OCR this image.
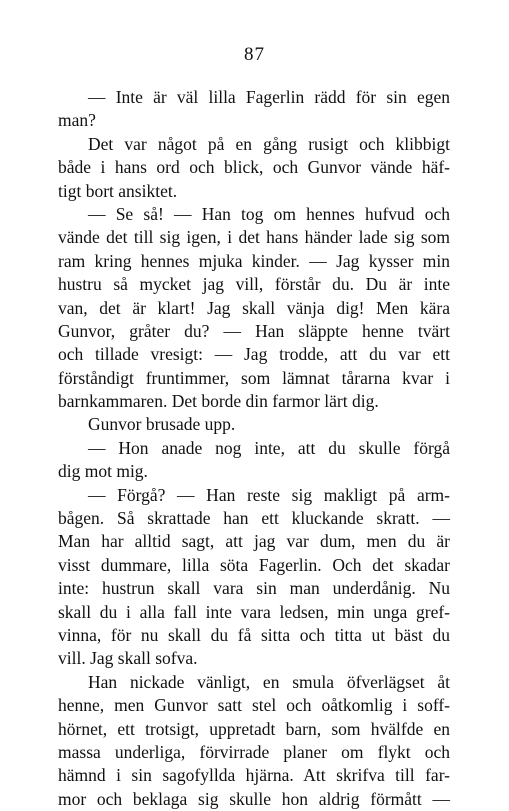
87
— Inte är väl lilla Fagerlin rädd för sin egen
man?
Det var något på en gång rusigt och klibbigt
både i hans ord och blick, och Gunvor vände häf-
tigt bort ansiktet.
— Se så! — Han tog om hennes hufvud och
vände det till sig igen, i det hans händer lade sig som
ram kring hennes mjuka kinder. — Jag kysser min
hustru så mycket jag vill, förstår du. Du är inte
van, det är klart! Jag skall vänja dig! Men kära
Gunvor, gråter du? — Han släppte henne tvärt
och tillade vresigt: — Jag trodde, att du var ett
förståndigt fruntimmer, som lämnat tårarna kvar i
barnkammaren. Det borde din farmor lärt dig.
Gunvor brusade upp.
— Hon anade nog inte, att du skulle förgå
dig mot mig.
— Förgå? — Han reste sig makligt på arm-
bågen. Så skrattade han ett kluckande skratt. —
Man har alltid sagt, att jag var dum, men du är
visst dummare, lilla söta Fagerlin. Och det skadar
inte: hustrun skall vara sin man underdånig. Nu
skall du i alla fall inte vara ledsen, min unga gref-
vinna, för nu skall du få sitta och titta ut bäst du
vill. Jag skall sofva.
Han nickade vänligt, en smula öfverlägset åt
henne, men Gunvor satt stel och oåtkomlig i soff-
hörnet, ett trotsigt, uppretadt barn, som hvälfde en
massa underliga, förvirrade planer om flykt och
hämnd i sin sagofyllda hjärna. Att skrifva till far-
mor och beklaga sig skulle hon aldrig förmått —
